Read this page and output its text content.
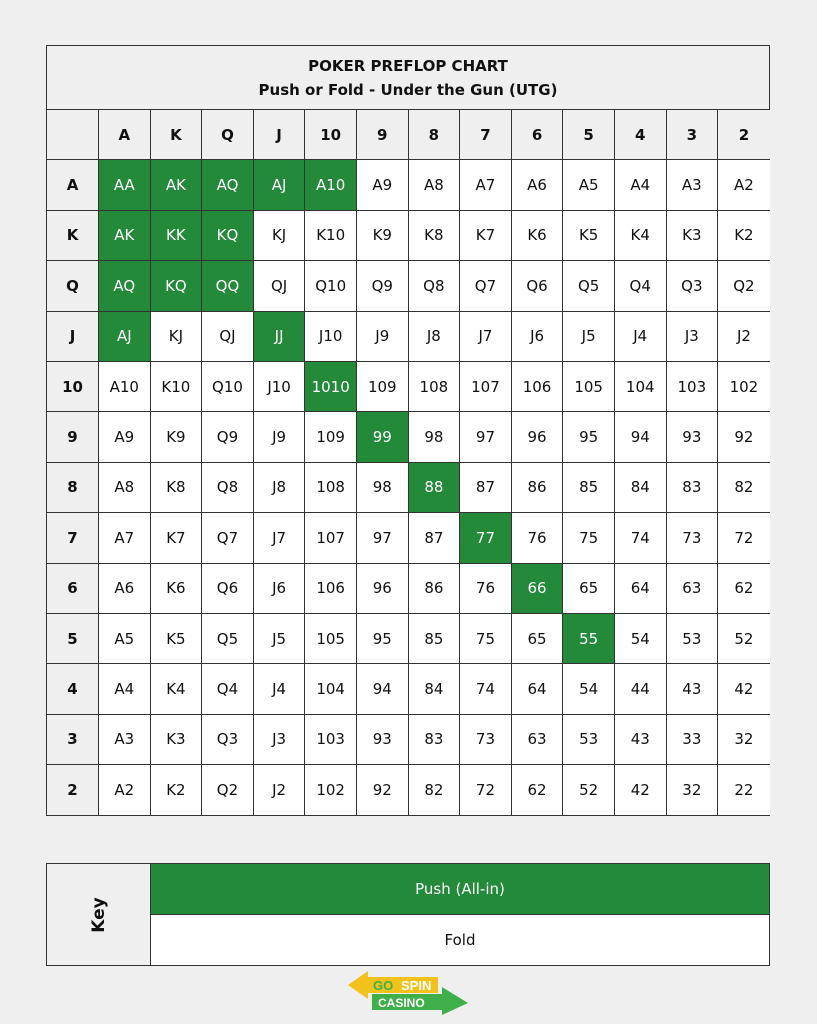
POKER PREFLOP CHART
Push or Fold - Under the Gun (UTG)
A	K	Q	J	10	9	8	7	6	5	4	3	2
A	AA	AK	AQ	AJ	A10	A9	A8	A7	A6	A5	A4	A3	A2
K	AK	KK	KQ	KJ	K10	K9	K8	K7	K6	K5	K4	K3	K2
Q	AQ	KQ	QQ	QJ	Q10	Q9	Q8	Q7	Q6	Q5	Q4	Q3	Q2
J	AJ	KJ	QJ	JJ	J10	J9	J8	J7	J6	J5	J4	J3	J2
10	A10	K10	Q10	J10	1010	109	108	107	106	105	104	103	102
9	A9	K9	Q9	J9	109	99	98	97	96	95	94	93	92
8	A8	K8	Q8	J8	108	98	88	87	86	85	84	83	82
7	A7	K7	Q7	J7	107	97	87	77	76	75	74	73	72
6	A6	K6	Q6	J6	106	96	86	76	66	65	64	63	62
5	A5	K5	Q5	J5	105	95	85	75	65	55	54	53	52
4	A4	K4	Q4	J4	104	94	84	74	64	54	44	43	42
3	A3	K3	Q3	J3	103	93	83	73	63	53	43	33	32
2	A2	K2	Q2	J2	102	92	82	72	62	52	42	32	22
Key
Push (All-in)
Fold
GO SPIN
CASINO
